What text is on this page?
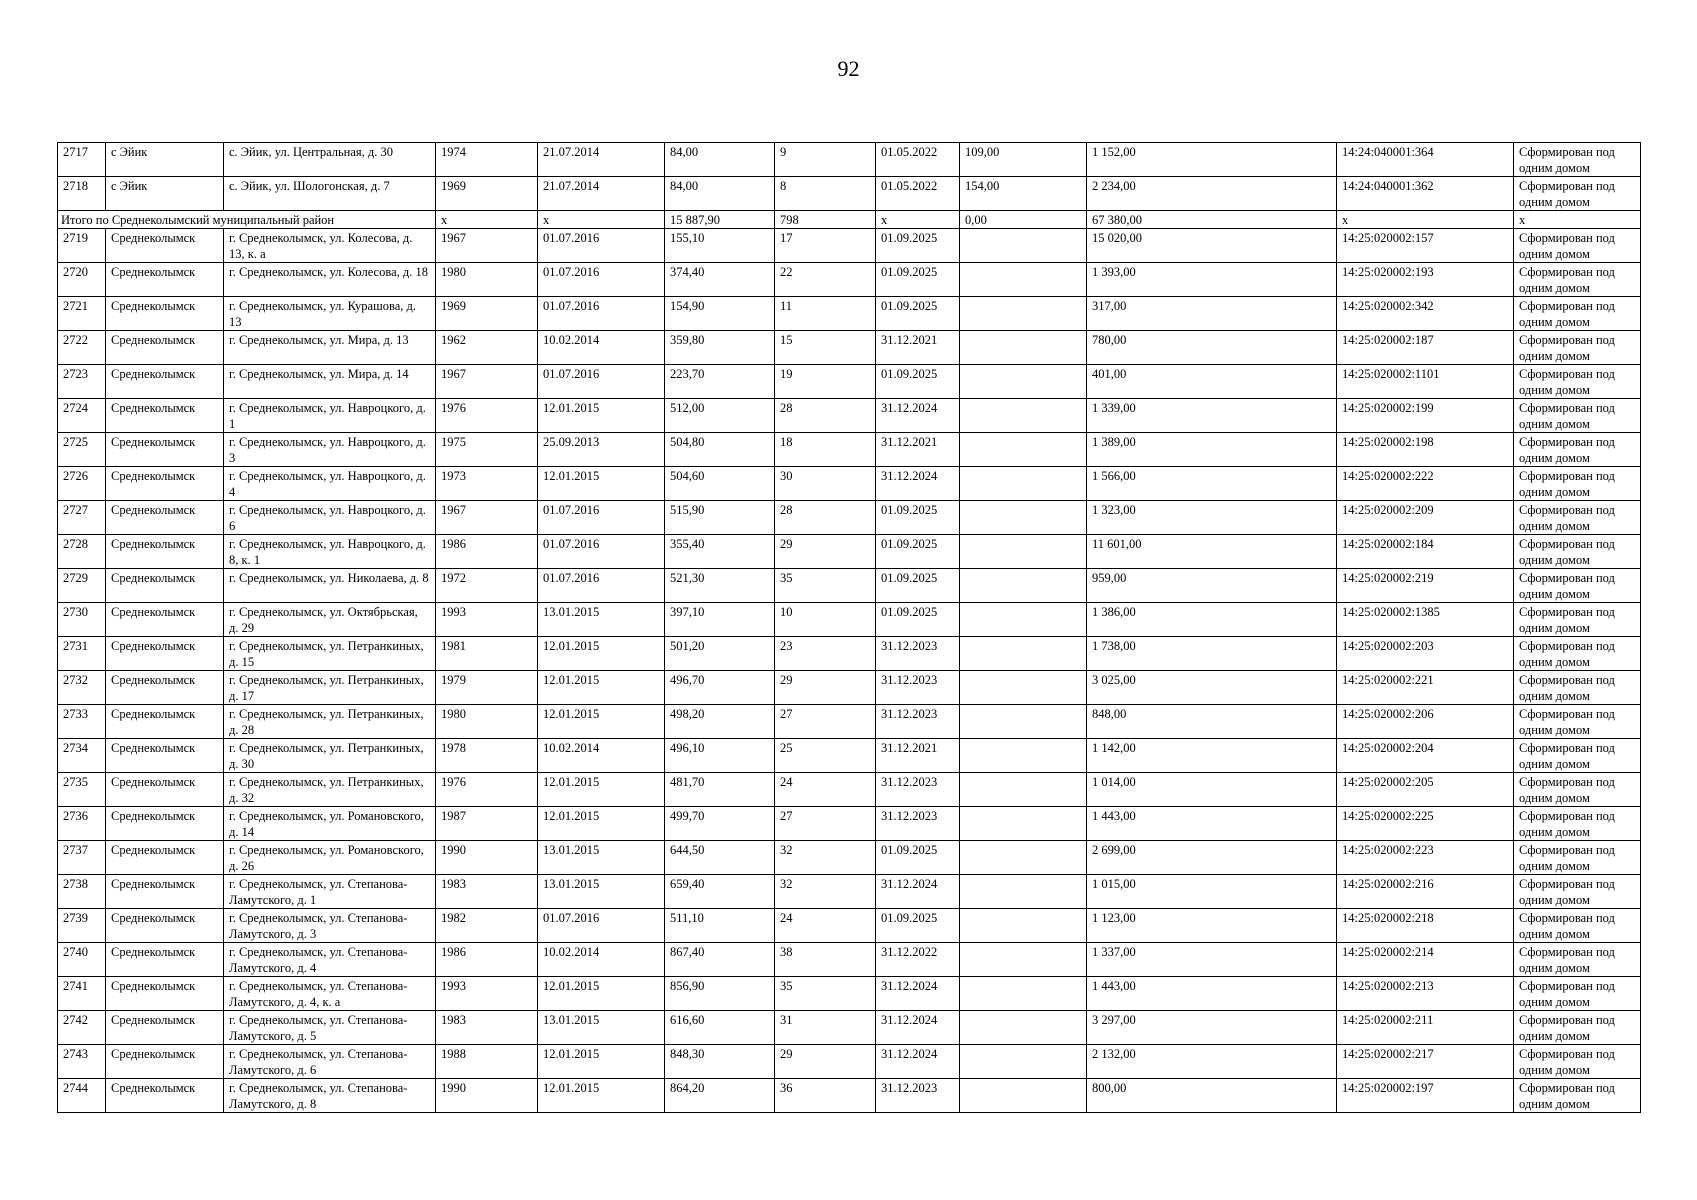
92
2717	с Эйик	с. Эйик, ул. Центральная, д. 30	1974	21.07.2014	84,00	9	01.05.2022	109,00	1 152,00	14:24:040001:364	Сформирован под одним домом
2718	с Эйик	с. Эйик, ул. Шологонская, д. 7	1969	21.07.2014	84,00	8	01.05.2022	154,00	2 234,00	14:24:040001:362	Сформирован под одним домом
Итого по Среднеколымский муниципальный район			х	х	15 887,90	798	х	0,00	67 380,00	х	х
2719	Среднеколымск	г. Среднеколымск, ул. Колесова, д. 13, к. а	1967	01.07.2016	155,10	17	01.09.2025		15 020,00	14:25:020002:157	Сформирован под одним домом
2720	Среднеколымск	г. Среднеколымск, ул. Колесова, д. 18	1980	01.07.2016	374,40	22	01.09.2025		1 393,00	14:25:020002:193	Сформирован под одним домом
2721	Среднеколымск	г. Среднеколымск, ул. Курашова, д. 13	1969	01.07.2016	154,90	11	01.09.2025		317,00	14:25:020002:342	Сформирован под одним домом
2722	Среднеколымск	г. Среднеколымск, ул. Мира, д. 13	1962	10.02.2014	359,80	15	31.12.2021		780,00	14:25:020002:187	Сформирован под одним домом
2723	Среднеколымск	г. Среднеколымск, ул. Мира, д. 14	1967	01.07.2016	223,70	19	01.09.2025		401,00	14:25:020002:1101	Сформирован под одним домом
2724	Среднеколымск	г. Среднеколымск, ул. Навроцкого, д. 1	1976	12.01.2015	512,00	28	31.12.2024		1 339,00	14:25:020002:199	Сформирован под одним домом
2725	Среднеколымск	г. Среднеколымск, ул. Навроцкого, д. 3	1975	25.09.2013	504,80	18	31.12.2021		1 389,00	14:25:020002:198	Сформирован под одним домом
2726	Среднеколымск	г. Среднеколымск, ул. Навроцкого, д. 4	1973	12.01.2015	504,60	30	31.12.2024		1 566,00	14:25:020002:222	Сформирован под одним домом
2727	Среднеколымск	г. Среднеколымск, ул. Навроцкого, д. 6	1967	01.07.2016	515,90	28	01.09.2025		1 323,00	14:25:020002:209	Сформирован под одним домом
2728	Среднеколымск	г. Среднеколымск, ул. Навроцкого, д. 8, к. 1	1986	01.07.2016	355,40	29	01.09.2025		11 601,00	14:25:020002:184	Сформирован под одним домом
2729	Среднеколымск	г. Среднеколымск, ул. Николаева, д. 8	1972	01.07.2016	521,30	35	01.09.2025		959,00	14:25:020002:219	Сформирован под одним домом
2730	Среднеколымск	г. Среднеколымск, ул. Октябрьская, д. 29	1993	13.01.2015	397,10	10	01.09.2025		1 386,00	14:25:020002:1385	Сформирован под одним домом
2731	Среднеколымск	г. Среднеколымск, ул. Петранкиных, д. 15	1981	12.01.2015	501,20	23	31.12.2023		1 738,00	14:25:020002:203	Сформирован под одним домом
2732	Среднеколымск	г. Среднеколымск, ул. Петранкиных, д. 17	1979	12.01.2015	496,70	29	31.12.2023		3 025,00	14:25:020002:221	Сформирован под одним домом
2733	Среднеколымск	г. Среднеколымск, ул. Петранкиных, д. 28	1980	12.01.2015	498,20	27	31.12.2023		848,00	14:25:020002:206	Сформирован под одним домом
2734	Среднеколымск	г. Среднеколымск, ул. Петранкиных, д. 30	1978	10.02.2014	496,10	25	31.12.2021		1 142,00	14:25:020002:204	Сформирован под одним домом
2735	Среднеколымск	г. Среднеколымск, ул. Петранкиных, д. 32	1976	12.01.2015	481,70	24	31.12.2023		1 014,00	14:25:020002:205	Сформирован под одним домом
2736	Среднеколымск	г. Среднеколымск, ул. Романовского, д. 14	1987	12.01.2015	499,70	27	31.12.2023		1 443,00	14:25:020002:225	Сформирован под одним домом
2737	Среднеколымск	г. Среднеколымск, ул. Романовского, д. 26	1990	13.01.2015	644,50	32	01.09.2025		2 699,00	14:25:020002:223	Сформирован под одним домом
2738	Среднеколымск	г. Среднеколымск, ул. Степанова-Ламутского, д. 1	1983	13.01.2015	659,40	32	31.12.2024		1 015,00	14:25:020002:216	Сформирован под одним домом
2739	Среднеколымск	г. Среднеколымск, ул. Степанова-Ламутского, д. 3	1982	01.07.2016	511,10	24	01.09.2025		1 123,00	14:25:020002:218	Сформирован под одним домом
2740	Среднеколымск	г. Среднеколымск, ул. Степанова-Ламутского, д. 4	1986	10.02.2014	867,40	38	31.12.2022		1 337,00	14:25:020002:214	Сформирован под одним домом
2741	Среднеколымск	г. Среднеколымск, ул. Степанова-Ламутского, д. 4, к. а	1993	12.01.2015	856,90	35	31.12.2024		1 443,00	14:25:020002:213	Сформирован под одним домом
2742	Среднеколымск	г. Среднеколымск, ул. Степанова-Ламутского, д. 5	1983	13.01.2015	616,60	31	31.12.2024		3 297,00	14:25:020002:211	Сформирован под одним домом
2743	Среднеколымск	г. Среднеколымск, ул. Степанова-Ламутского, д. 6	1988	12.01.2015	848,30	29	31.12.2024		2 132,00	14:25:020002:217	Сформирован под одним домом
2744	Среднеколымск	г. Среднеколымск, ул. Степанова-Ламутского, д. 8	1990	12.01.2015	864,20	36	31.12.2023		800,00	14:25:020002:197	Сформирован под одним домом
